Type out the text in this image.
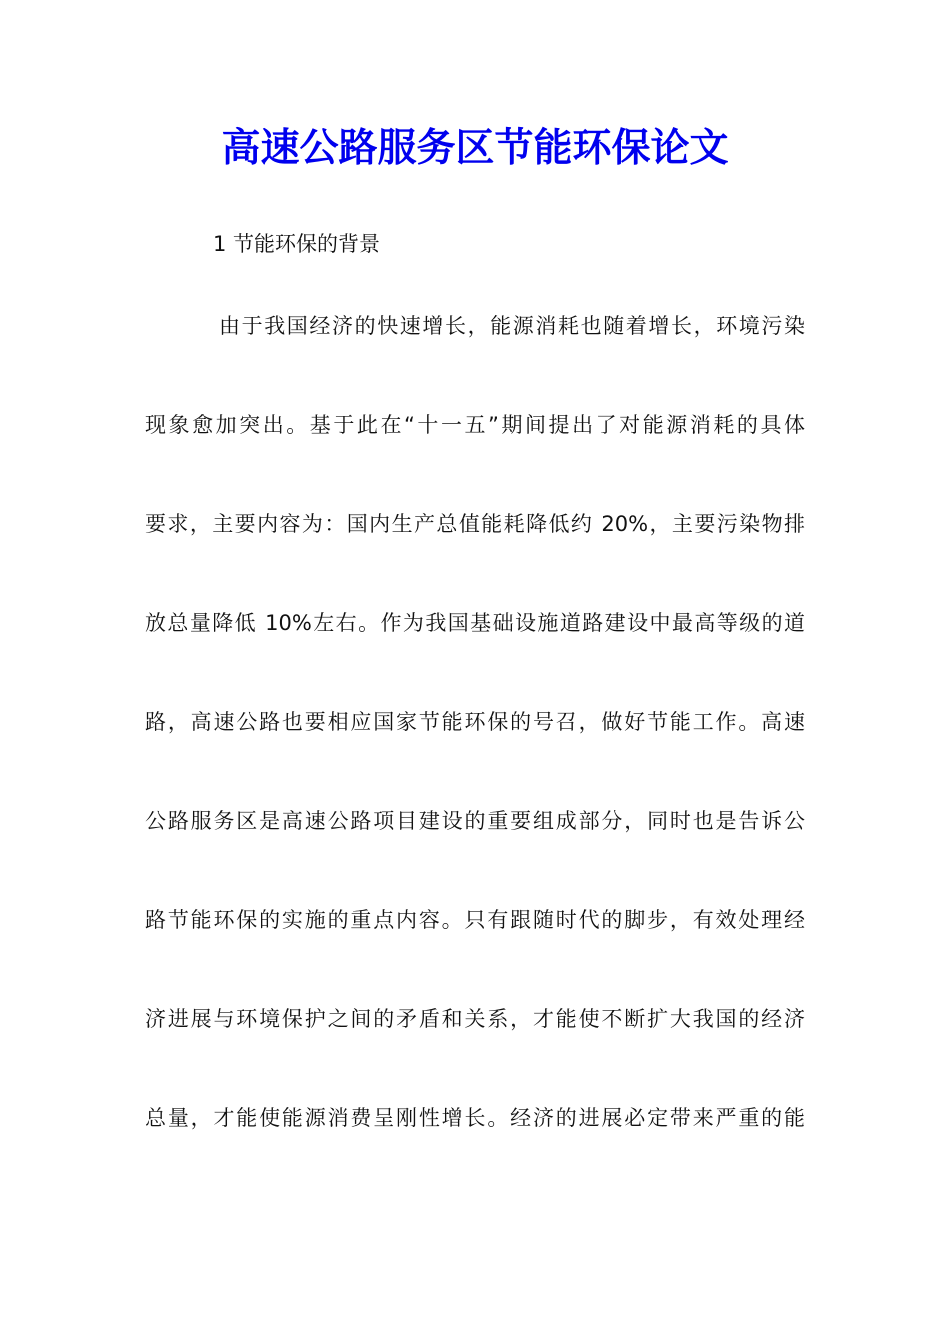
高速公路服务区节能环保论文

1 节能环保的背景

由于我国经济的快速增长，能源消耗也随着增长，环境污染
现象愈加突出。基于此在“十一五”期间提出了对能源消耗的具体
要求，主要内容为：国内生产总值能耗降低约 20%，主要污染物排
放总量降低 10%左右。作为我国基础设施道路建设中最高等级的道
路，高速公路也要相应国家节能环保的号召，做好节能工作。高速
公路服务区是高速公路项目建设的重要组成部分，同时也是告诉公
路节能环保的实施的重点内容。只有跟随时代的脚步，有效处理经
济进展与环境保护之间的矛盾和关系，才能使不断扩大我国的经济
总量，才能使能源消费呈刚性增长。经济的进展必定带来严重的能
